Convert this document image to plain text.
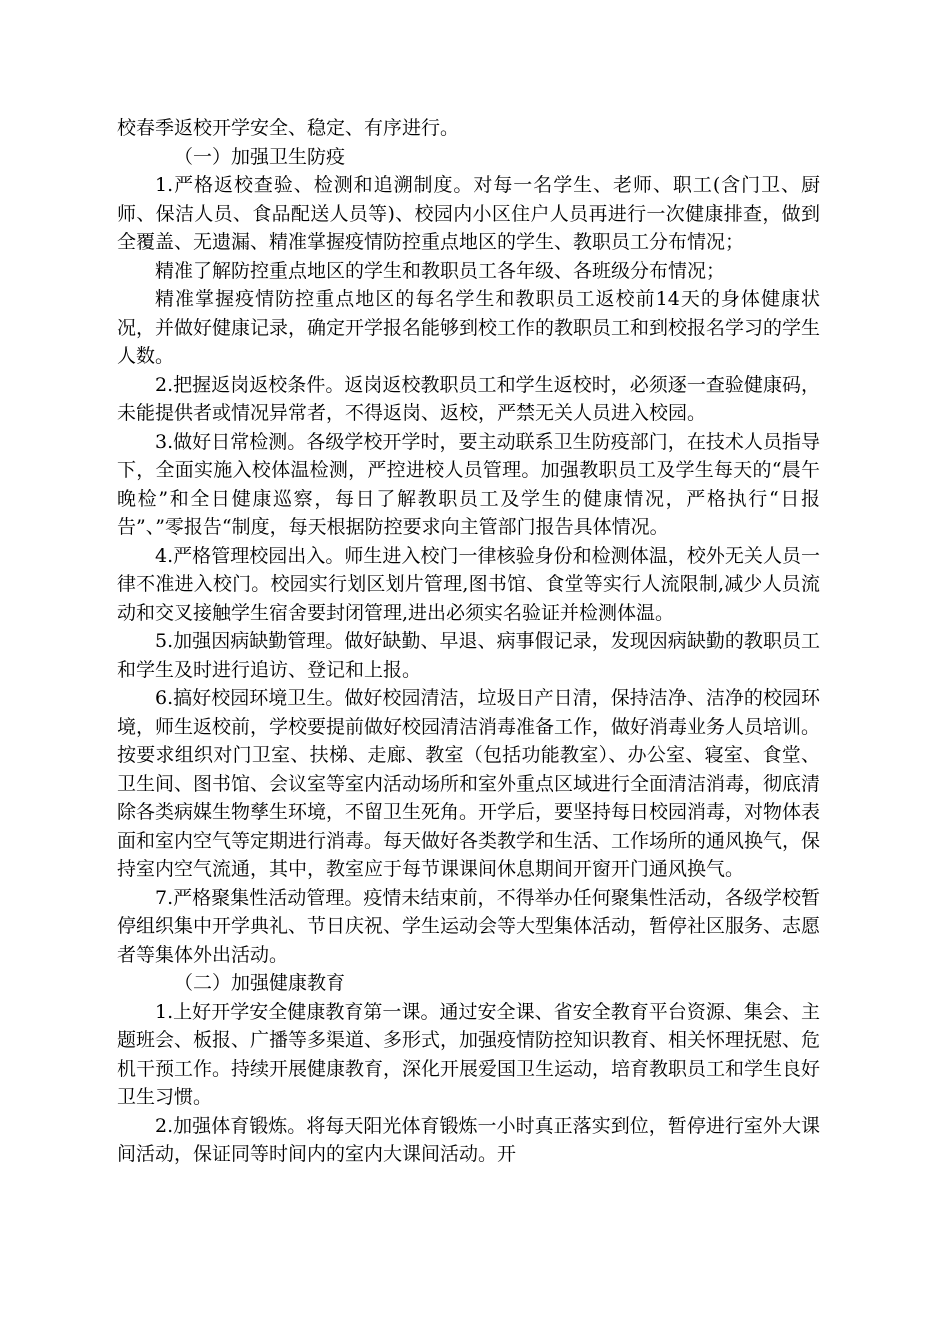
校春季返校开学安全、稳定、有序进行。

（一）加强卫生防疫

1.严格返校查验、检测和追溯制度。对每一名学生、老师、职工(含门卫、厨师、保洁人员、食品配送人员等)、校园内小区住户人员再进行一次健康排查，做到全覆盖、无遗漏、精准掌握疫情防控重点地区的学生、教职员工分布情况；

精准了解防控重点地区的学生和教职员工各年级、各班级分布情况；

精准掌握疫情防控重点地区的每名学生和教职员工返校前14天的身体健康状况，并做好健康记录，确定开学报名能够到校工作的教职员工和到校报名学习的学生人数。

2.把握返岗返校条件。返岗返校教职员工和学生返校时，必须逐一查验健康码，未能提供者或情况异常者，不得返岗、返校，严禁无关人员进入校园。

3.做好日常检测。各级学校开学时，要主动联系卫生防疫部门，在技术人员指导下，全面实施入校体温检测，严控进校人员管理。加强教职员工及学生每天的“晨午晚检”和全日健康巡察，每日了解教职员工及学生的健康情况，严格执行“日报告”、”零报告“制度，每天根据防控要求向主管部门报告具体情况。

4.严格管理校园出入。师生进入校门一律核验身份和检测体温，校外无关人员一律不准进入校门。校园实行划区划片管理,图书馆、食堂等实行人流限制,减少人员流动和交叉接触学生宿舍要封闭管理,进出必须实名验证并检测体温。

5.加强因病缺勤管理。做好缺勤、早退、病事假记录，发现因病缺勤的教职员工和学生及时进行追访、登记和上报。

6.搞好校园环境卫生。做好校园清洁，垃圾日产日清，保持洁净、洁净的校园环境，师生返校前，学校要提前做好校园清洁消毒准备工作，做好消毒业务人员培训。按要求组织对门卫室、扶梯、走廊、教室（包括功能教室）、办公室、寝室、食堂、卫生间、图书馆、会议室等室内活动场所和室外重点区域进行全面清洁消毒，彻底清除各类病媒生物孳生环境，不留卫生死角。开学后，要坚持每日校园消毒，对物体表面和室内空气等定期进行消毒。每天做好各类教学和生活、工作场所的通风换气，保持室内空气流通，其中，教室应于每节课课间休息期间开窗开门通风换气。

7.严格聚集性活动管理。疫情未结束前，不得举办任何聚集性活动，各级学校暂停组织集中开学典礼、节日庆祝、学生运动会等大型集体活动，暂停社区服务、志愿者等集体外出活动。

（二）加强健康教育

1.上好开学安全健康教育第一课。通过安全课、省安全教育平台资源、集会、主题班会、板报、广播等多渠道、多形式，加强疫情防控知识教育、相关怀理抚慰、危机干预工作。持续开展健康教育，深化开展爱国卫生运动，培育教职员工和学生良好卫生习惯。

2.加强体育锻炼。将每天阳光体育锻炼一小时真正落实到位，暂停进行室外大课间活动，保证同等时间内的室内大课间活动。开
